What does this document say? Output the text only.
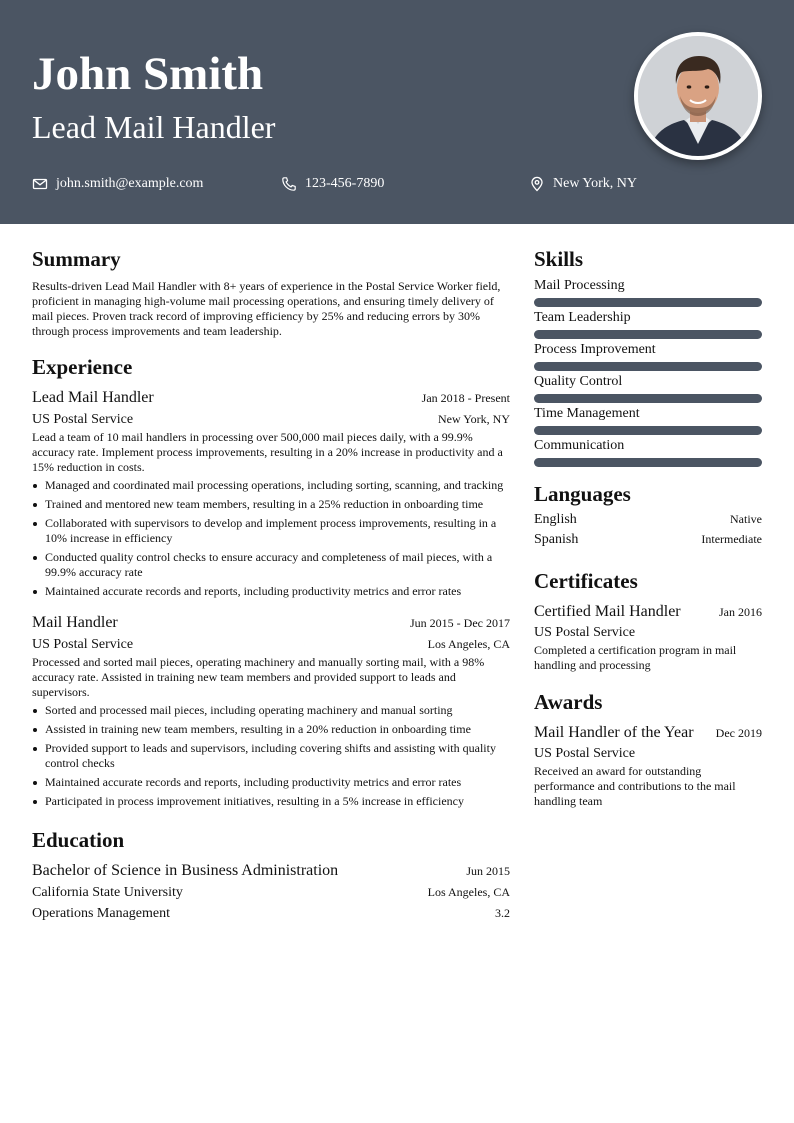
John Smith
Lead Mail Handler
john.smith@example.com	123-456-7890	New York, NY
Summary
Results-driven Lead Mail Handler with 8+ years of experience in the Postal Service Worker field, proficient in managing high-volume mail processing operations, and ensuring timely delivery of mail pieces. Proven track record of improving efficiency by 25% and reducing errors by 30% through process improvements and team leadership.
Experience
Lead Mail Handler	Jan 2018 - Present
US Postal Service	New York, NY
Lead a team of 10 mail handlers in processing over 500,000 mail pieces daily, with a 99.9% accuracy rate. Implement process improvements, resulting in a 20% increase in productivity and a 15% reduction in costs.
Managed and coordinated mail processing operations, including sorting, scanning, and tracking
Trained and mentored new team members, resulting in a 25% reduction in onboarding time
Collaborated with supervisors to develop and implement process improvements, resulting in a 10% increase in efficiency
Conducted quality control checks to ensure accuracy and completeness of mail pieces, with a 99.9% accuracy rate
Maintained accurate records and reports, including productivity metrics and error rates
Mail Handler	Jun 2015 - Dec 2017
US Postal Service	Los Angeles, CA
Processed and sorted mail pieces, operating machinery and manually sorting mail, with a 98% accuracy rate. Assisted in training new team members and provided support to leads and supervisors.
Sorted and processed mail pieces, including operating machinery and manual sorting
Assisted in training new team members, resulting in a 20% reduction in onboarding time
Provided support to leads and supervisors, including covering shifts and assisting with quality control checks
Maintained accurate records and reports, including productivity metrics and error rates
Participated in process improvement initiatives, resulting in a 5% increase in efficiency
Education
Bachelor of Science in Business Administration	Jun 2015
California State University	Los Angeles, CA
Operations Management	3.2
Skills
Mail Processing
Team Leadership
Process Improvement
Quality Control
Time Management
Communication
Languages
English	Native
Spanish	Intermediate
Certificates
Certified Mail Handler	Jan 2016
US Postal Service
Completed a certification program in mail handling and processing
Awards
Mail Handler of the Year Dec 2019
US Postal Service
Received an award for outstanding performance and contributions to the mail handling team
